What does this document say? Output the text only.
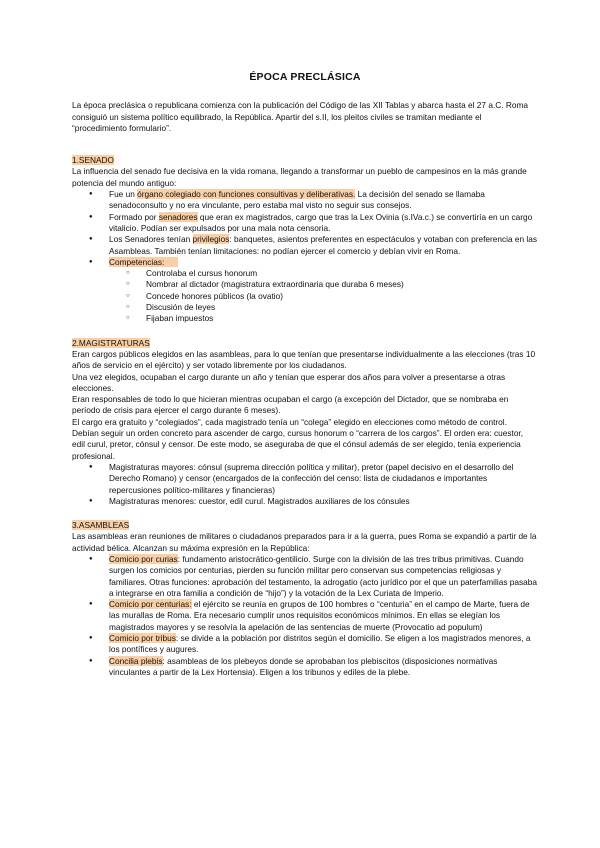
ÉPOCA PRECLÁSICA

La época preclásica o republicana comienza con la publicación del Código de las XII Tablas y abarca hasta el 27 a.C. Roma consiguió un sistema político equilibrado, la República. Apartir del s.II, los pleitos civiles se tramitan mediante el “procedimiento formulario”.

1.SENADO

La influencia del senado fue decisiva en la vida romana, llegando a transformar un pueblo de campesinos en la más grande potencia del mundo antiguo:

● Fue un órgano colegiado con funciones consultivas y deliberativas. La decisión del senado se llamaba senadoconsulto y no era vinculante, pero estaba mal visto no seguir sus consejos.
● Formado por senadores que eran ex magistrados, cargo que tras la Lex Ovinia (s.IVa.c.) se convertiría en un cargo vitalicio. Podían ser expulsados por una mala nota censoria.
● Los Senadores tenían privilegios: banquetes, asientos preferentes en espectáculos y votaban con preferencia en las Asambleas. También tenían limitaciones: no podían ejercer el comercio y debían vivir en Roma.
● Competencias:
○ Controlaba el cursus honorum
○ Nombrar al dictador (magistratura extraordinaria que duraba 6 meses)
○ Concede honores públicos (la ovatio)
○ Discusión de leyes
○ Fijaban impuestos

2.MAGISTRATURAS

Eran cargos públicos elegidos en las asambleas, para lo que tenían que presentarse individualmente a las elecciones (tras 10 años de servicio en el ejército) y ser votado libremente por los ciudadanos.

Una vez elegidos, ocupaban el cargo durante un año y tenían que esperar dos años para volver a presentarse a otras elecciones.

Eran responsables de todo lo que hicieran mientras ocupaban el cargo (a excepción del Dictador, que se nombraba en período de crisis para ejercer el cargo durante 6 meses).

El cargo era gratuito y “colegiados”, cada magistrado tenía un “colega” elegido en elecciones como método de control.

Debían seguir un orden concreto para ascender de cargo, cursus honorum o “carrera de los cargos”. El orden era: cuestor, edil curul, pretor, cónsul y censor. De este modo, se aseguraba de que el cónsul además de ser elegido, tenía experiencia profesional.

● Magistraturas mayores: cónsul (suprema dirección política y militar), pretor (papel decisivo en el desarrollo del Derecho Romano) y censor (encargados de la confección del censo: lista de ciudadanos e importantes repercusiones político-militares y financieras)
● Magistraturas menores: cuestor, edil curul. Magistrados auxiliares de los cónsules

3.ASAMBLEAS

Las asambleas eran reuniones de militares o ciudadanos preparados para ir a la guerra, pues Roma se expandió a partir de la actividad bélica. Alcanzan su máxima expresión en la República:

● Comicio por curias: fundamento aristocrático-gentilicio. Surge con la división de las tres tribus primitivas. Cuando surgen los comicios por centurias, pierden su función militar pero conservan sus competencias religiosas y familiares. Otras funciones: aprobación del testamento, la adrogatio (acto jurídico por el que un paterfamilias pasaba a integrarse en otra familia a condición de “hijo”) y la votación de la Lex Curiata de Imperio.
● Comicio por centurias: el ejército se reunía en grupos de 100 hombres o “centuria” en el campo de Marte, fuera de las murallas de Roma. Era necesario cumplir unos requisitos económicos mínimos. En ellas se elegían los magistrados mayores y se resolvía la apelación de las sentencias de muerte (Provocatio ad populum)
● Comicio por tribus: se divide a la población por distritos según el domicilio. Se eligen a los magistrados menores, a los pontífices y augures.
● Concilia plebis: asambleas de los plebeyos donde se aprobaban los plebiscitos (disposiciones normativas vinculantes a partir de la Lex Hortensia). Eligen a los tribunos y ediles de la plebe.
